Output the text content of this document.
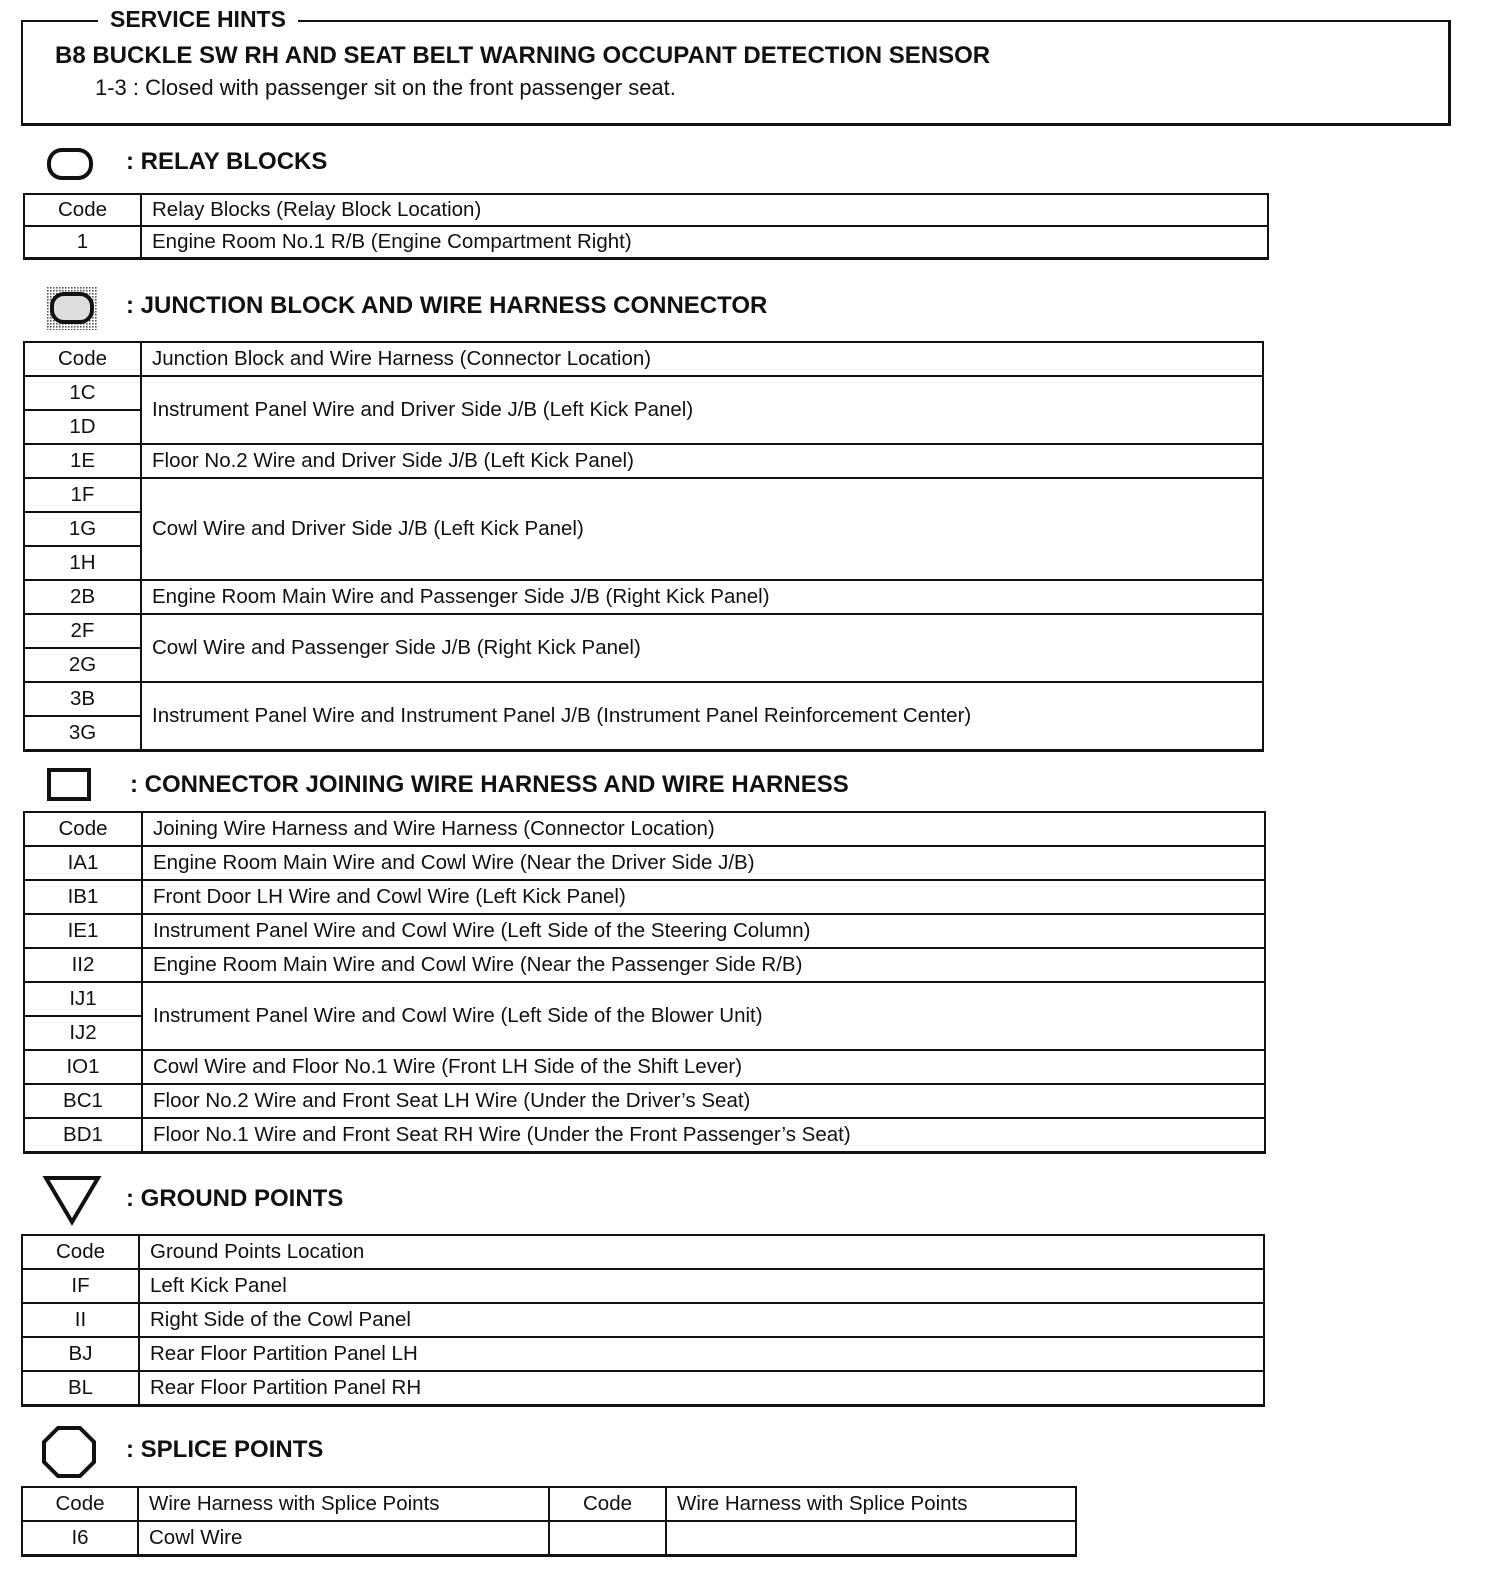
SERVICE HINTS
B8 BUCKLE SW RH AND SEAT BELT WARNING OCCUPANT DETECTION SENSOR
1-3 : Closed with passenger sit on the front passenger seat.
: RELAY BLOCKS
Code	Relay Blocks (Relay Block Location)
1	Engine Room No.1 R/B (Engine Compartment Right)
: JUNCTION BLOCK AND WIRE HARNESS CONNECTOR
Code	Junction Block and Wire Harness (Connector Location)
1C	Instrument Panel Wire and Driver Side J/B (Left Kick Panel)
1D	
1E	Floor No.2 Wire and Driver Side J/B (Left Kick Panel)
1F	Cowl Wire and Driver Side J/B (Left Kick Panel)
1G	
1H	
2B	Engine Room Main Wire and Passenger Side J/B (Right Kick Panel)
2F	Cowl Wire and Passenger Side J/B (Right Kick Panel)
2G	
3B	Instrument Panel Wire and Instrument Panel J/B (Instrument Panel Reinforcement Center)
3G	
: CONNECTOR JOINING WIRE HARNESS AND WIRE HARNESS
Code	Joining Wire Harness and Wire Harness (Connector Location)
IA1	Engine Room Main Wire and Cowl Wire (Near the Driver Side J/B)
IB1	Front Door LH Wire and Cowl Wire (Left Kick Panel)
IE1	Instrument Panel Wire and Cowl Wire (Left Side of the Steering Column)
II2	Engine Room Main Wire and Cowl Wire (Near the Passenger Side R/B)
IJ1	Instrument Panel Wire and Cowl Wire (Left Side of the Blower Unit)
IJ2	
IO1	Cowl Wire and Floor No.1 Wire (Front LH Side of the Shift Lever)
BC1	Floor No.2 Wire and Front Seat LH Wire (Under the Driver’s Seat)
BD1	Floor No.1 Wire and Front Seat RH Wire (Under the Front Passenger’s Seat)
: GROUND POINTS
Code	Ground Points Location
IF	Left Kick Panel
II	Right Side of the Cowl Panel
BJ	Rear Floor Partition Panel LH
BL	Rear Floor Partition Panel RH
: SPLICE POINTS
Code	Wire Harness with Splice Points	Code	Wire Harness with Splice Points
I6	Cowl Wire		
